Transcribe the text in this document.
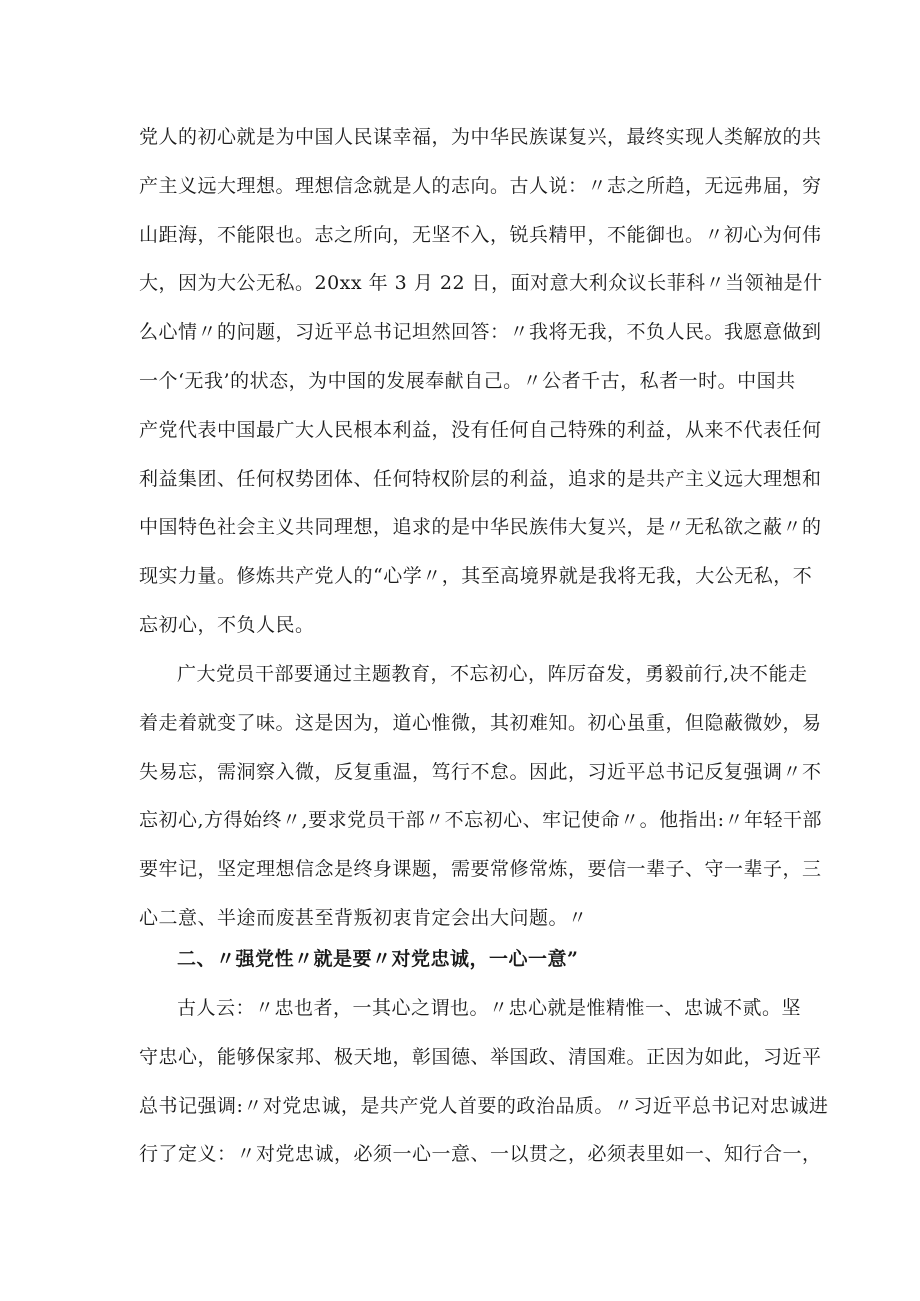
党人的初心就是为中国人民谋幸福，为中华民族谋复兴，最终实现人类解放的共
产主义远大理想。理想信念就是人的志向。古人说：〃志之所趋，无远弗届，穷
山距海，不能限也。志之所向，无坚不入，锐兵精甲，不能御也。〃初心为何伟
大，因为大公无私。20xx 年 3 月 22 日，面对意大利众议长菲科〃当领袖是什
么心情〃的问题，习近平总书记坦然回答：〃我将无我，不负人民。我愿意做到
一个‘无我’的状态，为中国的发展奉献自己。〃公者千古，私者一时。中国共
产党代表中国最广大人民根本利益，没有任何自己特殊的利益，从来不代表任何
利益集团、任何权势团体、任何特权阶层的利益，追求的是共产主义远大理想和
中国特色社会主义共同理想，追求的是中华民族伟大复兴，是〃无私欲之蔽〃的
现实力量。修炼共产党人的“心学〃，其至高境界就是我将无我，大公无私，不
忘初心，不负人民。
广大党员干部要通过主题教育，不忘初心，阵厉奋发，勇毅前行,决不能走
着走着就变了味。这是因为，道心惟微，其初难知。初心虽重，但隐蔽微妙，易
失易忘，需洞察入微，反复重温，笃行不怠。因此，习近平总书记反复强调〃不
忘初心,方得始终〃,要求党员干部〃不忘初心、牢记使命〃。他指出:〃年轻干部
要牢记，坚定理想信念是终身课题，需要常修常炼，要信一辈子、守一辈子，三
心二意、半途而废甚至背叛初衷肯定会出大问题。〃
二、〃强党性〃就是要〃对党忠诚，一心一意”
古人云：〃忠也者，一其心之谓也。〃忠心就是惟精惟一、忠诚不贰。坚
守忠心，能够保家邦、极天地，彰国德、举国政、清国难。正因为如此，习近平
总书记强调:〃对党忠诚，是共产党人首要的政治品质。〃习近平总书记对忠诚进
行了定义：〃对党忠诚，必须一心一意、一以贯之，必须表里如一、知行合一，
